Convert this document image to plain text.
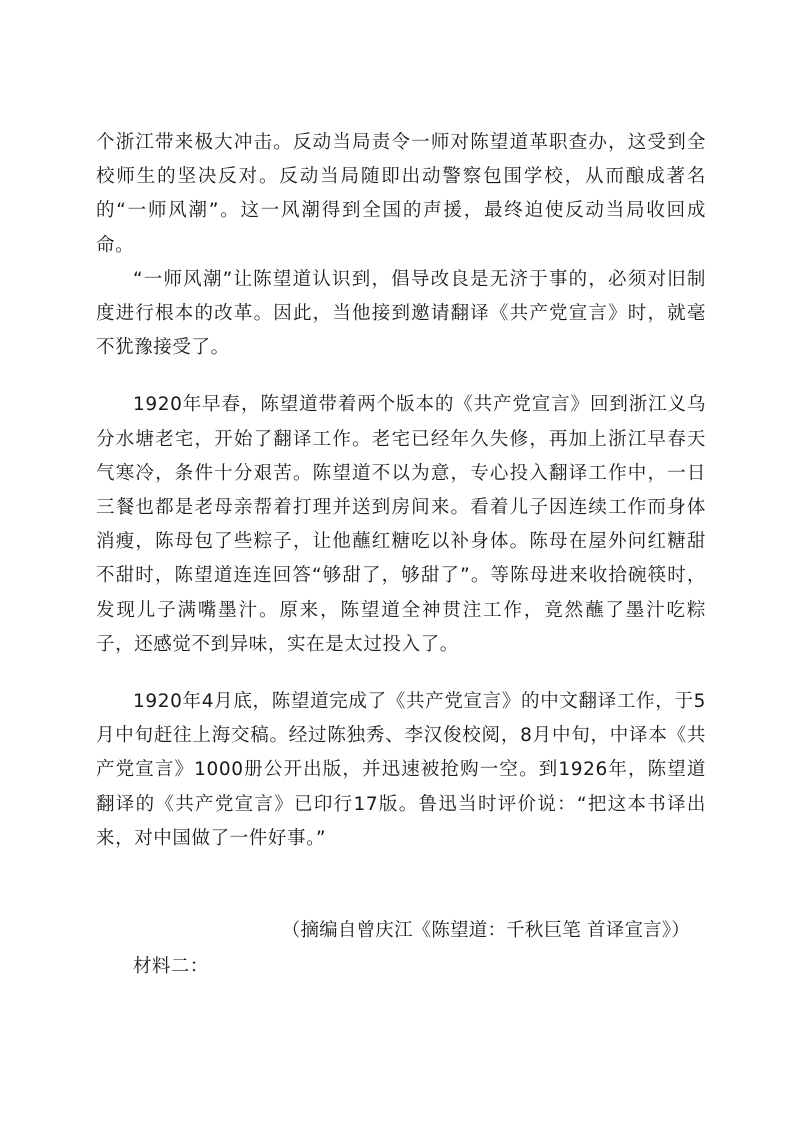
个浙江带来极大冲击。反动当局责令一师对陈望道革职查办，这受到全校师生的坚决反对。反动当局随即出动警察包围学校，从而酿成著名的“一师风潮”。这一风潮得到全国的声援，最终迫使反动当局收回成命。

“一师风潮”让陈望道认识到，倡导改良是无济于事的，必须对旧制度进行根本的改革。因此，当他接到邀请翻译《共产党宣言》时，就毫不犹豫接受了。

1920年早春，陈望道带着两个版本的《共产党宣言》回到浙江义乌分水塘老宅，开始了翻译工作。老宅已经年久失修，再加上浙江早春天气寒冷，条件十分艰苦。陈望道不以为意，专心投入翻译工作中，一日三餐也都是老母亲帮着打理并送到房间来。看着儿子因连续工作而身体消瘦，陈母包了些粽子，让他蘸红糖吃以补身体。陈母在屋外问红糖甜不甜时，陈望道连连回答“够甜了，够甜了”。等陈母进来收拾碗筷时，发现儿子满嘴墨汁。原来，陈望道全神贯注工作，竟然蘸了墨汁吃粽子，还感觉不到异味，实在是太过投入了。

1920年4月底，陈望道完成了《共产党宣言》的中文翻译工作，于5月中旬赶往上海交稿。经过陈独秀、李汉俊校阅，8月中旬，中译本《共产党宣言》1000册公开出版，并迅速被抢购一空。到1926年，陈望道翻译的《共产党宣言》已印行17版。鲁迅当时评价说：“把这本书译出来，对中国做了一件好事。”

（摘编自曾庆江《陈望道：千秋巨笔 首译宣言》）
材料二：
